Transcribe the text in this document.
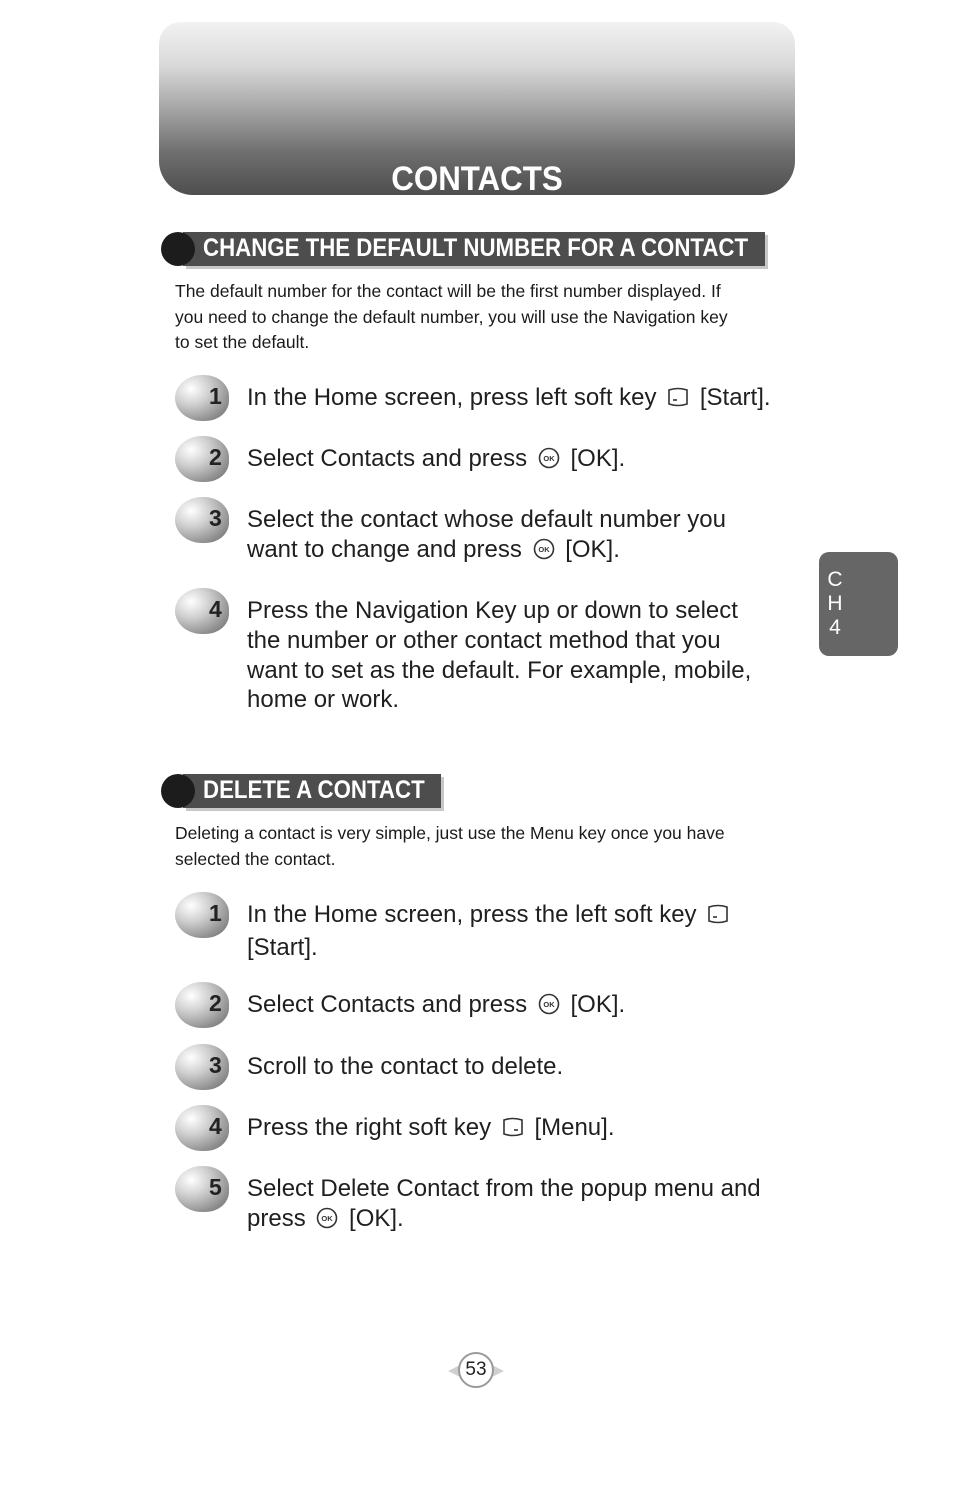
CONTACTS
CHANGE THE DEFAULT NUMBER FOR A CONTACT
The default number for the contact will be the first number displayed. If
you need to change the default number, you will use the Navigation key
to set the default.
1 In the Home screen, press left soft key [Start].
2 Select Contacts and press OK [OK].
3 Select the contact whose default number you
want to change and press OK [OK].
4 Press the Navigation Key up or down to select
the number or other contact method that you
want to set as the default. For example, mobile,
home or work.
DELETE A CONTACT
Deleting a contact is very simple, just use the Menu key once you have
selected the contact.
1 In the Home screen, press the left soft key
[Start].
2 Select Contacts and press OK [OK].
3 Scroll to the contact to delete.
4 Press the right soft key [Menu].
5 Select Delete Contact from the popup menu and
press OK [OK].
C
H
4
53
